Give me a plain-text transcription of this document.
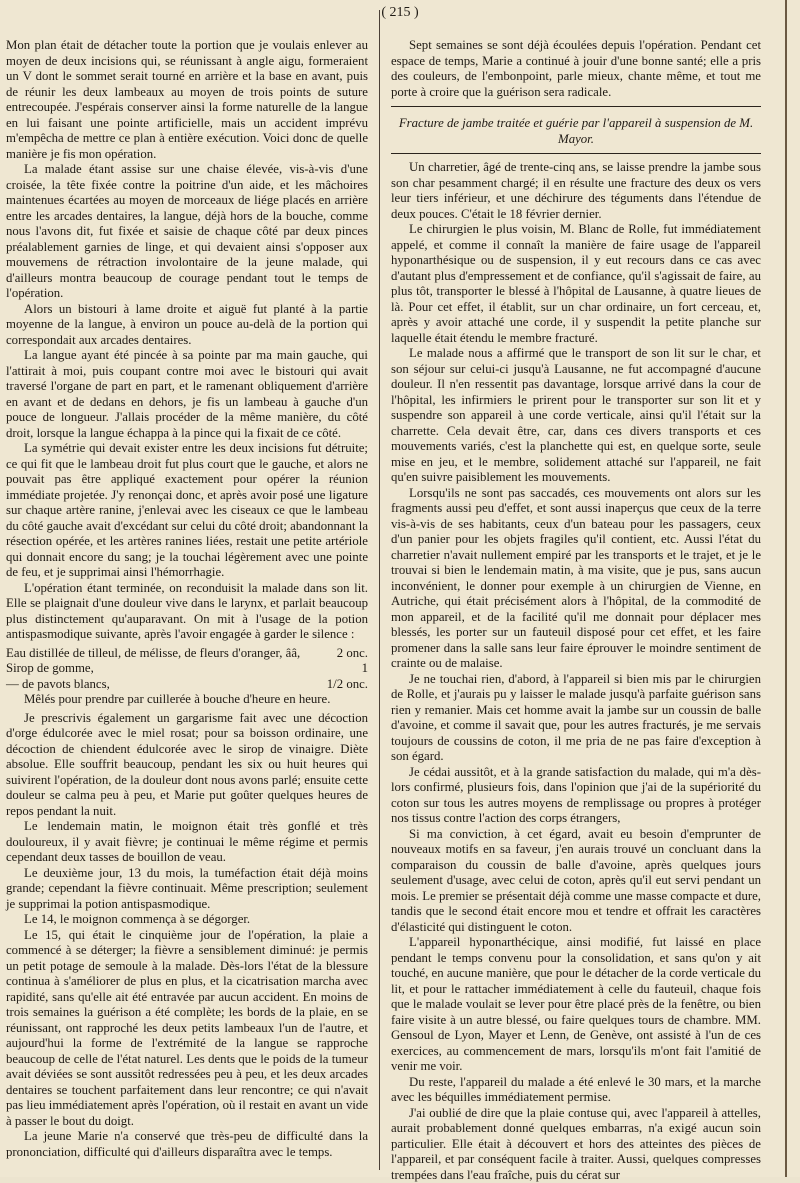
( 215 )

Mon plan était de détacher toute la portion que je voulais enlever au moyen de deux incisions qui, se réunissant à angle aigu, formeraient un V dont le sommet serait tourné en arrière et la base en avant, puis de réunir les deux lambeaux au moyen de trois points de suture entrecoupée. J'espérais conserver ainsi la forme naturelle de la langue en lui faisant une pointe artificielle, mais un accident imprévu m'empêcha de mettre ce plan à entière exécution. Voici donc de quelle manière je fis mon opération.

La malade étant assise sur une chaise élevée, vis-à-vis d'une croisée, la tête fixée contre la poitrine d'un aide, et les mâchoires maintenues écartées au moyen de morceaux de liége placés en arrière entre les arcades dentaires, la langue, déjà hors de la bouche, comme nous l'avons dit, fut fixée et saisie de chaque côté par deux pinces préalablement garnies de linge, et qui devaient ainsi s'opposer aux mouvemens de rétraction involontaire de la jeune malade, qui d'ailleurs montra beaucoup de courage pendant tout le temps de l'opération.

Alors un bistouri à lame droite et aiguë fut planté à la partie moyenne de la langue, à environ un pouce au-delà de la portion qui correspondait aux arcades dentaires.

La langue ayant été pincée à sa pointe par ma main gauche, qui l'attirait à moi, puis coupant contre moi avec le bistouri qui avait traversé l'organe de part en part, et le ramenant obliquement d'arrière en avant et de dedans en dehors, je fis un lambeau à gauche d'un pouce de longueur. J'allais procéder de la même manière, du côté droit, lorsque la langue échappa à la pince qui la fixait de ce côté.

La symétrie qui devait exister entre les deux incisions fut détruite; ce qui fit que le lambeau droit fut plus court que le gauche, et alors ne pouvait pas être appliqué exactement pour opérer la réunion immédiate projetée. J'y renonçai donc, et après avoir posé une ligature sur chaque artère ranine, j'enlevai avec les ciseaux ce que le lambeau du côté gauche avait d'excédant sur celui du côté droit; abandonnant la résection opérée, et les artères ranines liées, restait une petite artériole qui donnait encore du sang; je la touchai légèrement avec une pointe de feu, et je supprimai ainsi l'hémorrhagie.

L'opération étant terminée, on reconduisit la malade dans son lit. Elle se plaignait d'une douleur vive dans le larynx, et parlait beaucoup plus distinctement qu'auparavant. On mit à l'usage de la potion antispasmodique suivante, après l'avoir engagée à garder le silence :

Eau distillée de tilleul, de mélisse, de fleurs d'oranger, ââ,	2 onc.
Sirop de gomme,	1
— de pavots blancs,	1/2 onc.

Mêlés pour prendre par cuillerée à bouche d'heure en heure.

Je prescrivis également un gargarisme fait avec une décoction d'orge édulcorée avec le miel rosat; pour sa boisson ordinaire, une décoction de chiendent édulcorée avec le sirop de vinaigre. Diète absolue. Elle souffrit beaucoup, pendant les six ou huit heures qui suivirent l'opération, de la douleur dont nous avons parlé; ensuite cette douleur se calma peu à peu, et Marie put goûter quelques heures de repos pendant la nuit.

Le lendemain matin, le moignon était très gonflé et très douloureux, il y avait fièvre; je continuai le même régime et permis cependant deux tasses de bouillon de veau.

Le deuxième jour, 13 du mois, la tuméfaction était déjà moins grande; cependant la fièvre continuait. Même prescription; seulement je supprimai la potion antispasmodique.

Le 14, le moignon commença à se dégorger.

Le 15, qui était le cinquième jour de l'opération, la plaie a commencé à se déterger; la fièvre a sensiblement diminué: je permis un petit potage de semoule à la malade. Dès-lors l'état de la blessure continua à s'améliorer de plus en plus, et la cicatrisation marcha avec rapidité, sans qu'elle ait été entravée par aucun accident. En moins de trois semaines la guérison a été complète; les bords de la plaie, en se réunissant, ont rapproché les deux petits lambeaux l'un de l'autre, et aujourd'hui la forme de l'extrémité de la langue se rapproche beaucoup de celle de l'état naturel. Les dents que le poids de la tumeur avait déviées se sont aussitôt redressées peu à peu, et les deux arcades dentaires se touchent parfaitement dans leur rencontre; ce qui n'avait pas lieu immédiatement après l'opération, où il restait en avant un vide à passer le bout du doigt.

La jeune Marie n'a conservé que très-peu de difficulté dans la prononciation, difficulté qui d'ailleurs disparaîtra avec le temps.

Sept semaines se sont déjà écoulées depuis l'opération. Pendant cet espace de temps, Marie a continué à jouir d'une bonne santé; elle a pris des couleurs, de l'embonpoint, parle mieux, chante même, et tout me porte à croire que la guérison sera radicale.

Fracture de jambe traitée et guérie par l'appareil à suspension de M. Mayor.

Un charretier, âgé de trente-cinq ans, se laisse prendre la jambe sous son char pesamment chargé; il en résulte une fracture des deux os vers leur tiers inférieur, et une déchirure des téguments dans l'étendue de deux pouces. C'était le 18 février dernier.

Le chirurgien le plus voisin, M. Blanc de Rolle, fut immédiatement appelé, et comme il connaît la manière de faire usage de l'appareil hyponarthésique ou de suspension, il y eut recours dans ce cas avec d'autant plus d'empressement et de confiance, qu'il s'agissait de faire, au plus tôt, transporter le blessé à l'hôpital de Lausanne, à quatre lieues de là. Pour cet effet, il établit, sur un char ordinaire, un fort cerceau, et, après y avoir attaché une corde, il y suspendit la petite planche sur laquelle était étendu le membre fracturé.

Le malade nous a affirmé que le transport de son lit sur le char, et son séjour sur celui-ci jusqu'à Lausanne, ne fut accompagné d'aucune douleur. Il n'en ressentit pas davantage, lorsque arrivé dans la cour de l'hôpital, les infirmiers le prirent pour le transporter sur son lit et y suspendre son appareil à une corde verticale, ainsi qu'il l'était sur la charrette. Cela devait être, car, dans ces divers transports et ces mouvements variés, c'est la planchette qui est, en quelque sorte, seule mise en jeu, et le membre, solidement attaché sur l'appareil, ne fait qu'en suivre paisiblement les mouvements.

Lorsqu'ils ne sont pas saccadés, ces mouvements ont alors sur les fragments aussi peu d'effet, et sont aussi inaperçus que ceux de la terre vis-à-vis de ses habitants, ceux d'un bateau pour les passagers, ceux d'un panier pour les objets fragiles qu'il contient, etc. Aussi l'état du charretier n'avait nullement empiré par les transports et le trajet, et je le trouvai si bien le lendemain matin, à ma visite, que je pus, sans aucun inconvénient, le donner pour exemple à un chirurgien de Vienne, en Autriche, qui était précisément alors à l'hôpital, de la commodité de mon appareil, et de la facilité qu'il me donnait pour déplacer mes blessés, les porter sur un fauteuil disposé pour cet effet, et les faire promener dans la salle sans leur faire éprouver le moindre sentiment de crainte ou de malaise.

Je ne touchai rien, d'abord, à l'appareil si bien mis par le chirurgien de Rolle, et j'aurais pu y laisser le malade jusqu'à parfaite guérison sans rien y remanier. Mais cet homme avait la jambe sur un coussin de balle d'avoine, et comme il savait que, pour les autres fracturés, je me servais toujours de coussins de coton, il me pria de ne pas faire d'exception à son égard.

Je cédai aussitôt, et à la grande satisfaction du malade, qui m'a dès-lors confirmé, plusieurs fois, dans l'opinion que j'ai de la supériorité du coton sur tous les autres moyens de remplissage ou propres à protéger nos tissus contre l'action des corps étrangers,

Si ma conviction, à cet égard, avait eu besoin d'emprunter de nouveaux motifs en sa faveur, j'en aurais trouvé un concluant dans la comparaison du coussin de balle d'avoine, après quelques jours seulement d'usage, avec celui de coton, après qu'il eut servi pendant un mois. Le premier se présentait déjà comme une masse compacte et dure, tandis que le second était encore mou et tendre et offrait les caractères d'élasticité qui distinguent le coton.

L'appareil hyponarthécique, ainsi modifié, fut laissé en place pendant le temps convenu pour la consolidation, et sans qu'on y ait touché, en aucune manière, que pour le détacher de la corde verticale du lit, et pour le rattacher immédiatement à celle du fauteuil, chaque fois que le malade voulait se lever pour être placé près de la fenêtre, ou bien faire visite à un autre blessé, ou faire quelques tours de chambre. MM. Gensoul de Lyon, Mayer et Lenn, de Genève, ont assisté à l'un de ces exercices, au commencement de mars, lorsqu'ils m'ont fait l'amitié de venir me voir.

Du reste, l'appareil du malade a été enlevé le 30 mars, et la marche avec les béquilles immédiatement permise.

J'ai oublié de dire que la plaie contuse qui, avec l'appareil à attelles, aurait probablement donné quelques embarras, n'a exigé aucun soin particulier. Elle était à découvert et hors des atteintes des pièces de l'appareil, et par conséquent facile à traiter. Aussi, quelques compresses trempées dans l'eau fraîche, puis du cérat sur
